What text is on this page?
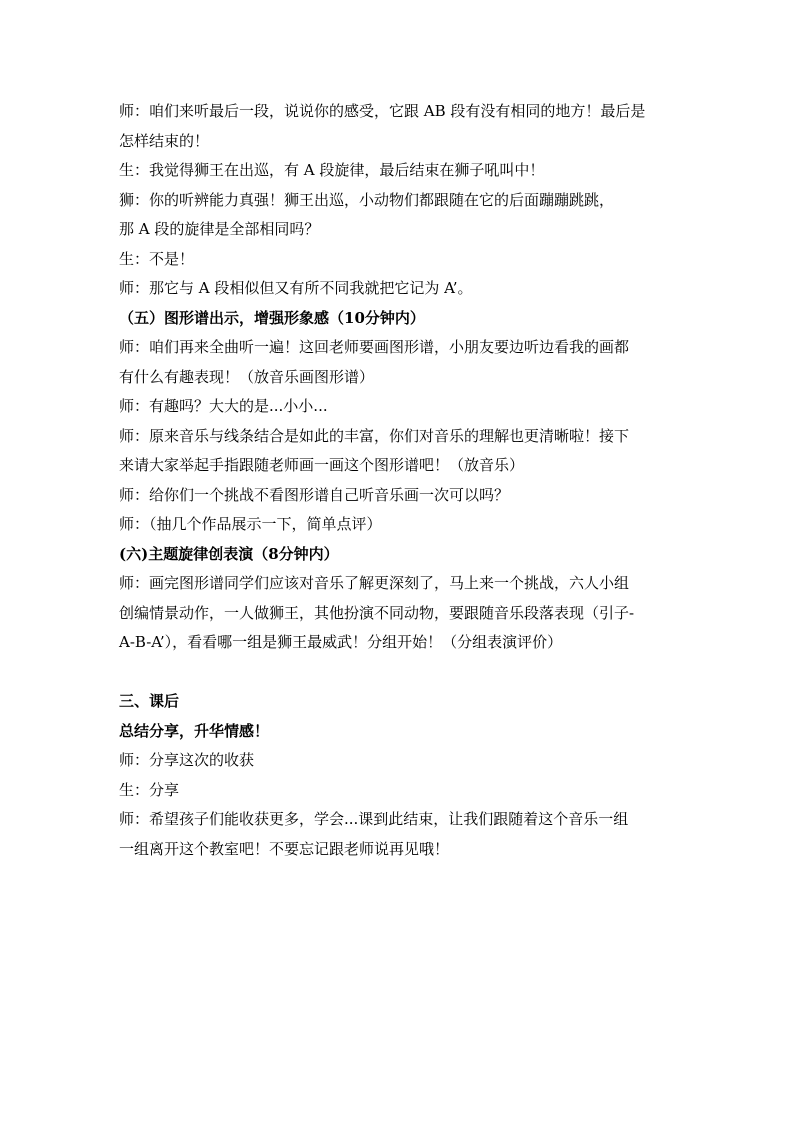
师：咱们来听最后一段，说说你的感受，它跟 AB 段有没有相同的地方！最后是
怎样结束的！
生：我觉得狮王在出巡，有 A 段旋律，最后结束在狮子吼叫中！
狮：你的听辨能力真强！狮王出巡，小动物们都跟随在它的后面蹦蹦跳跳，
那 A 段的旋律是全部相同吗？
生：不是！
师：那它与 A 段相似但又有所不同我就把它记为 A’。
（五）图形谱出示，增强形象感（10分钟内）
师：咱们再来全曲听一遍！这回老师要画图形谱，小朋友要边听边看我的画都
有什么有趣表现！（放音乐画图形谱）
师：有趣吗？大大的是...小小...
师：原来音乐与线条结合是如此的丰富，你们对音乐的理解也更清晰啦！接下
来请大家举起手指跟随老师画一画这个图形谱吧！（放音乐）
师：给你们一个挑战不看图形谱自己听音乐画一次可以吗？
师：（抽几个作品展示一下，简单点评）
(六)主题旋律创表演（8分钟内）
师：画完图形谱同学们应该对音乐了解更深刻了，马上来一个挑战，六人小组
创编情景动作，一人做狮王，其他扮演不同动物，要跟随音乐段落表现（引子-
A-B-A’），看看哪一组是狮王最威武！分组开始！（分组表演评价）
三、课后
总结分享，升华情感！
师：分享这次的收获
生：分享
师：希望孩子们能收获更多，学会...课到此结束，让我们跟随着这个音乐一组
一组离开这个教室吧！不要忘记跟老师说再见哦！
